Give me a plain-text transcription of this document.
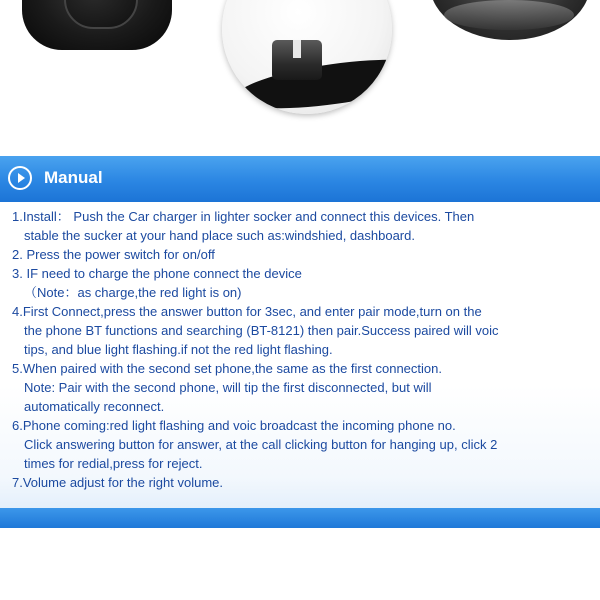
Manual
1.Install： Push the Car charger in lighter socker and connect this devices. Then
stable the sucker at your hand place such as:windshied, dashboard.
2. Press the power switch for on/off
3. IF need to charge the phone connect the device
（Note：as charge,the red light is on)
4.First Connect,press the answer button for 3sec, and enter pair mode,turn on the
the phone BT functions and searching (BT-8121) then pair.Success paired will voic
tips, and blue light flashing.if not the red light flashing.
5.When paired with the second set phone,the same as the first connection.
Note: Pair with the second phone, will tip the first disconnected, but will
automatically reconnect.
6.Phone coming:red light flashing and voic broadcast the incoming phone no.
Click answering button for answer, at the call clicking button for hanging up, click 2
times for redial,press for reject.
7.Volume adjust for the right volume.
